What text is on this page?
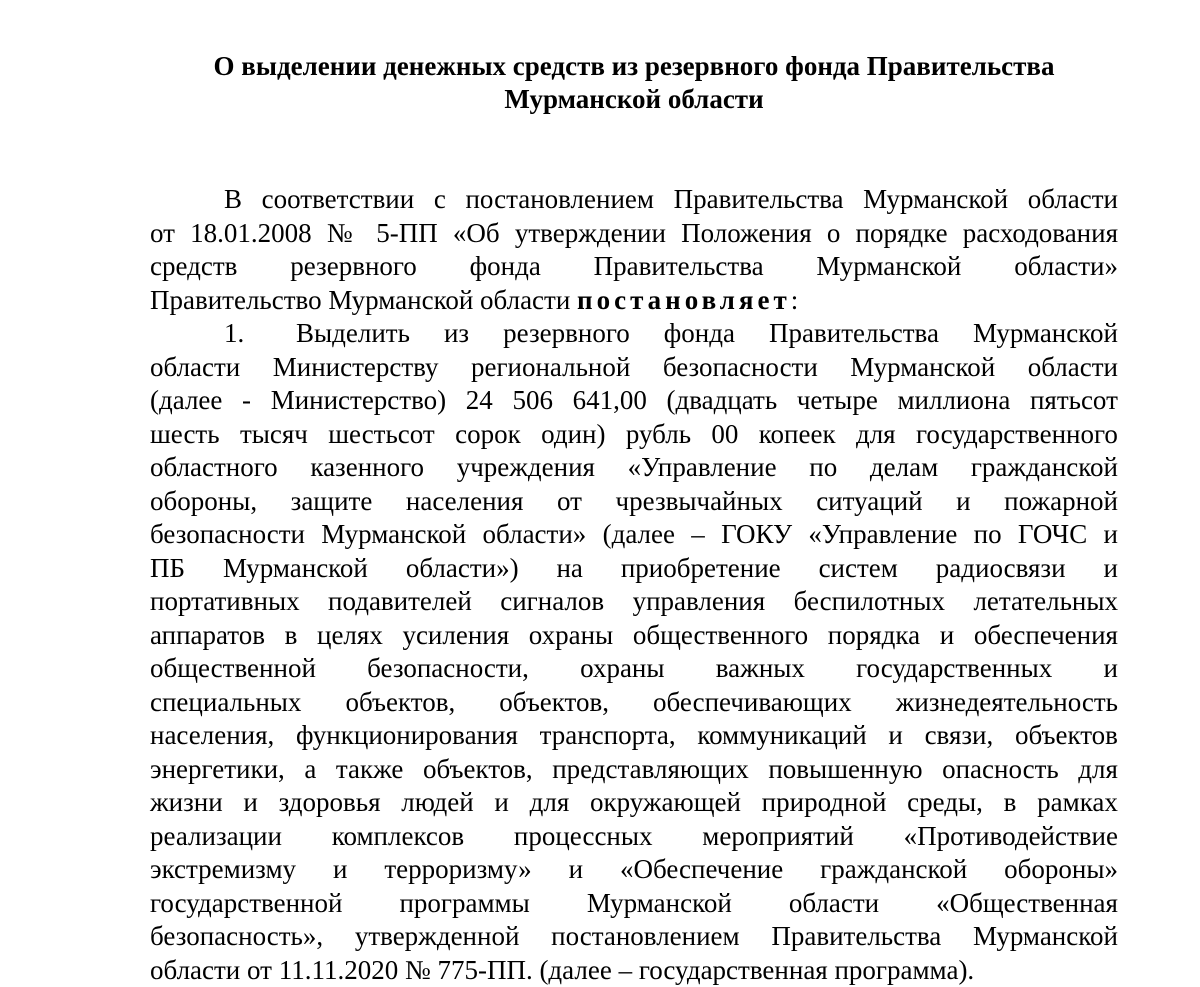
О выделении денежных средств из резервного фонда Правительства
Мурманской области
В соответствии с постановлением Правительства Мурманской области
от 18.01.2008 № 5-ПП «Об утверждении Положения о порядке расходования
средств резервного фонда Правительства Мурманской области»
Правительство Мурманской области постановляет:
1.	Выделить из резервного фонда Правительства Мурманской
области Министерству региональной безопасности Мурманской области
(далее - Министерство) 24 506 641,00 (двадцать четыре миллиона пятьсот
шесть тысяч шестьсот сорок один) рубль 00 копеек для государственного
областного казенного учреждения «Управление по делам гражданской
обороны, защите населения от чрезвычайных ситуаций и пожарной
безопасности Мурманской области» (далее – ГОКУ «Управление по ГОЧС и
ПБ Мурманской области») на приобретение систем радиосвязи и
портативных подавителей сигналов управления беспилотных летательных
аппаратов в целях усиления охраны общественного порядка и обеспечения
общественной безопасности, охраны важных государственных и
специальных объектов, объектов, обеспечивающих жизнедеятельность
населения, функционирования транспорта, коммуникаций и связи, объектов
энергетики, а также объектов, представляющих повышенную опасность для
жизни и здоровья людей и для окружающей природной среды, в рамках
реализации комплексов процессных мероприятий «Противодействие
экстремизму и терроризму» и «Обеспечение гражданской обороны»
государственной программы Мурманской области «Общественная
безопасность», утвержденной постановлением Правительства Мурманской
области от 11.11.2020 № 775-ПП. (далее – государственная программа).
